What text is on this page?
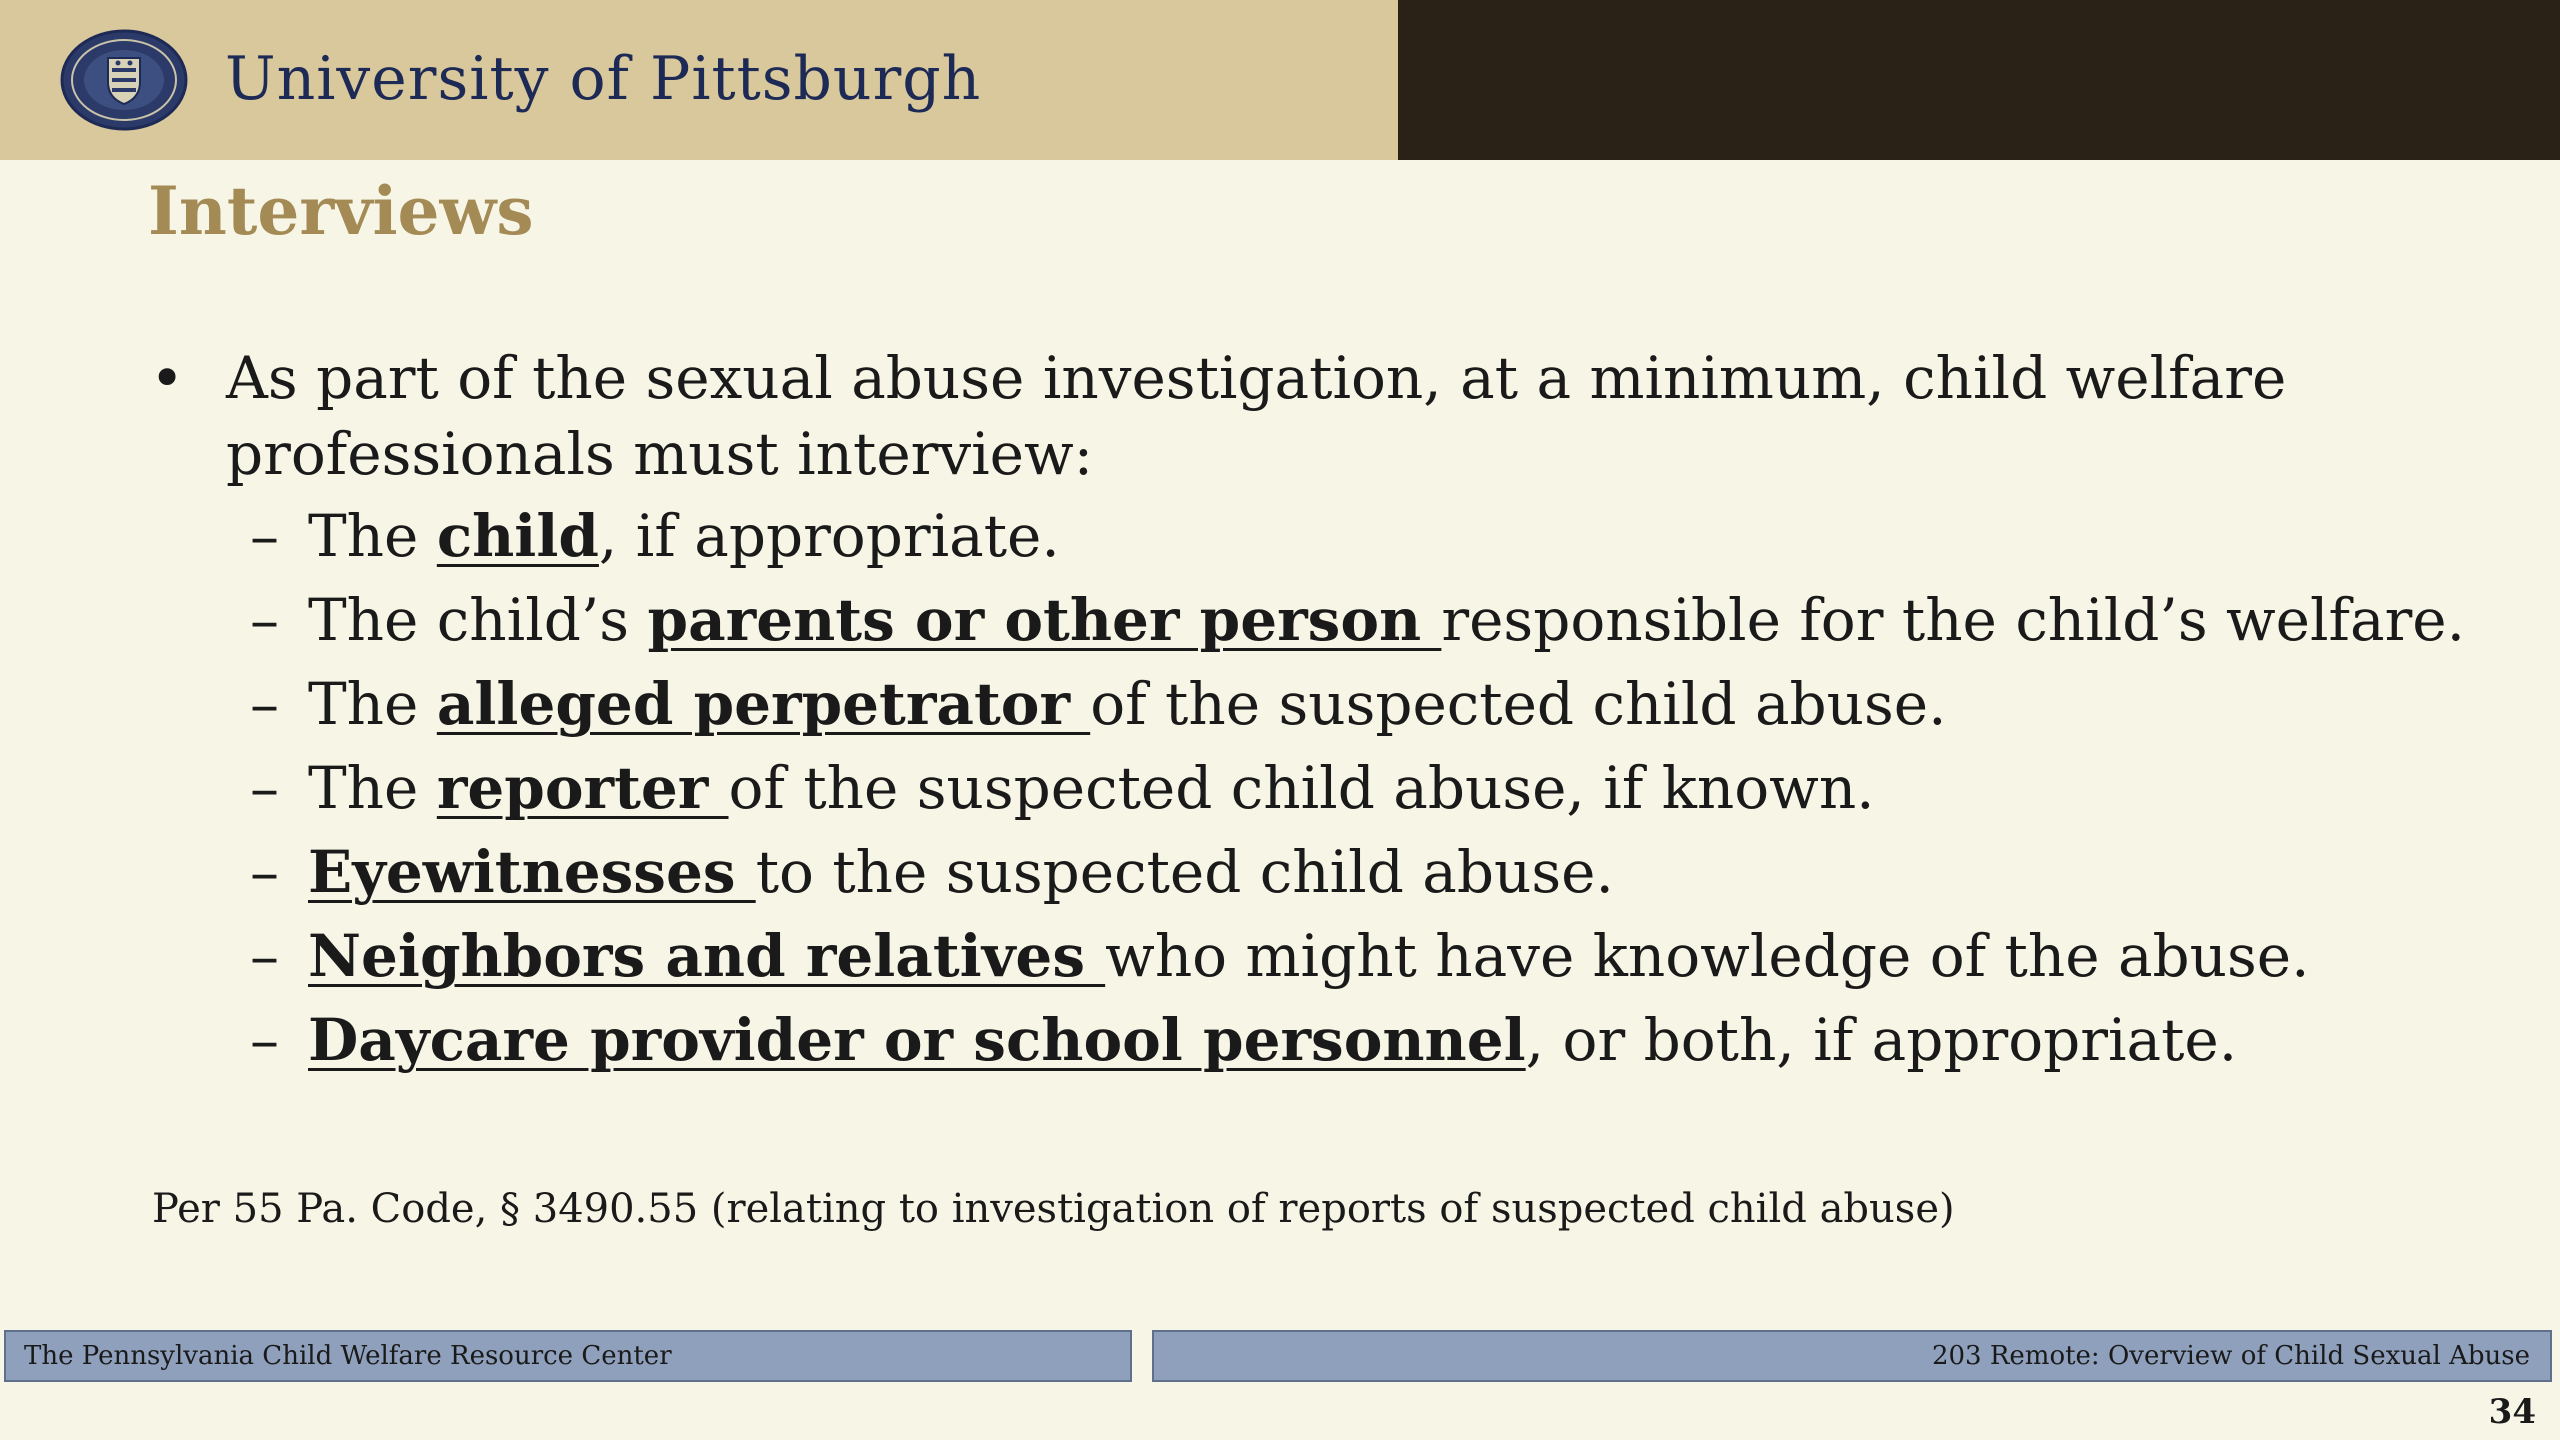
University of Pittsburgh
Interviews
• As part of the sexual abuse investigation, at a minimum, child welfare professionals must interview:
– The child, if appropriate.
– The child’s parents or other person responsible for the child’s welfare.
– The alleged perpetrator of the suspected child abuse.
– The reporter of the suspected child abuse, if known.
– Eyewitnesses to the suspected child abuse.
– Neighbors and relatives who might have knowledge of the abuse.
– Daycare provider or school personnel, or both, if appropriate.
Per 55 Pa. Code, § 3490.55 (relating to investigation of reports of suspected child abuse)
The Pennsylvania Child Welfare Resource Center	203 Remote: Overview of Child Sexual Abuse
34
